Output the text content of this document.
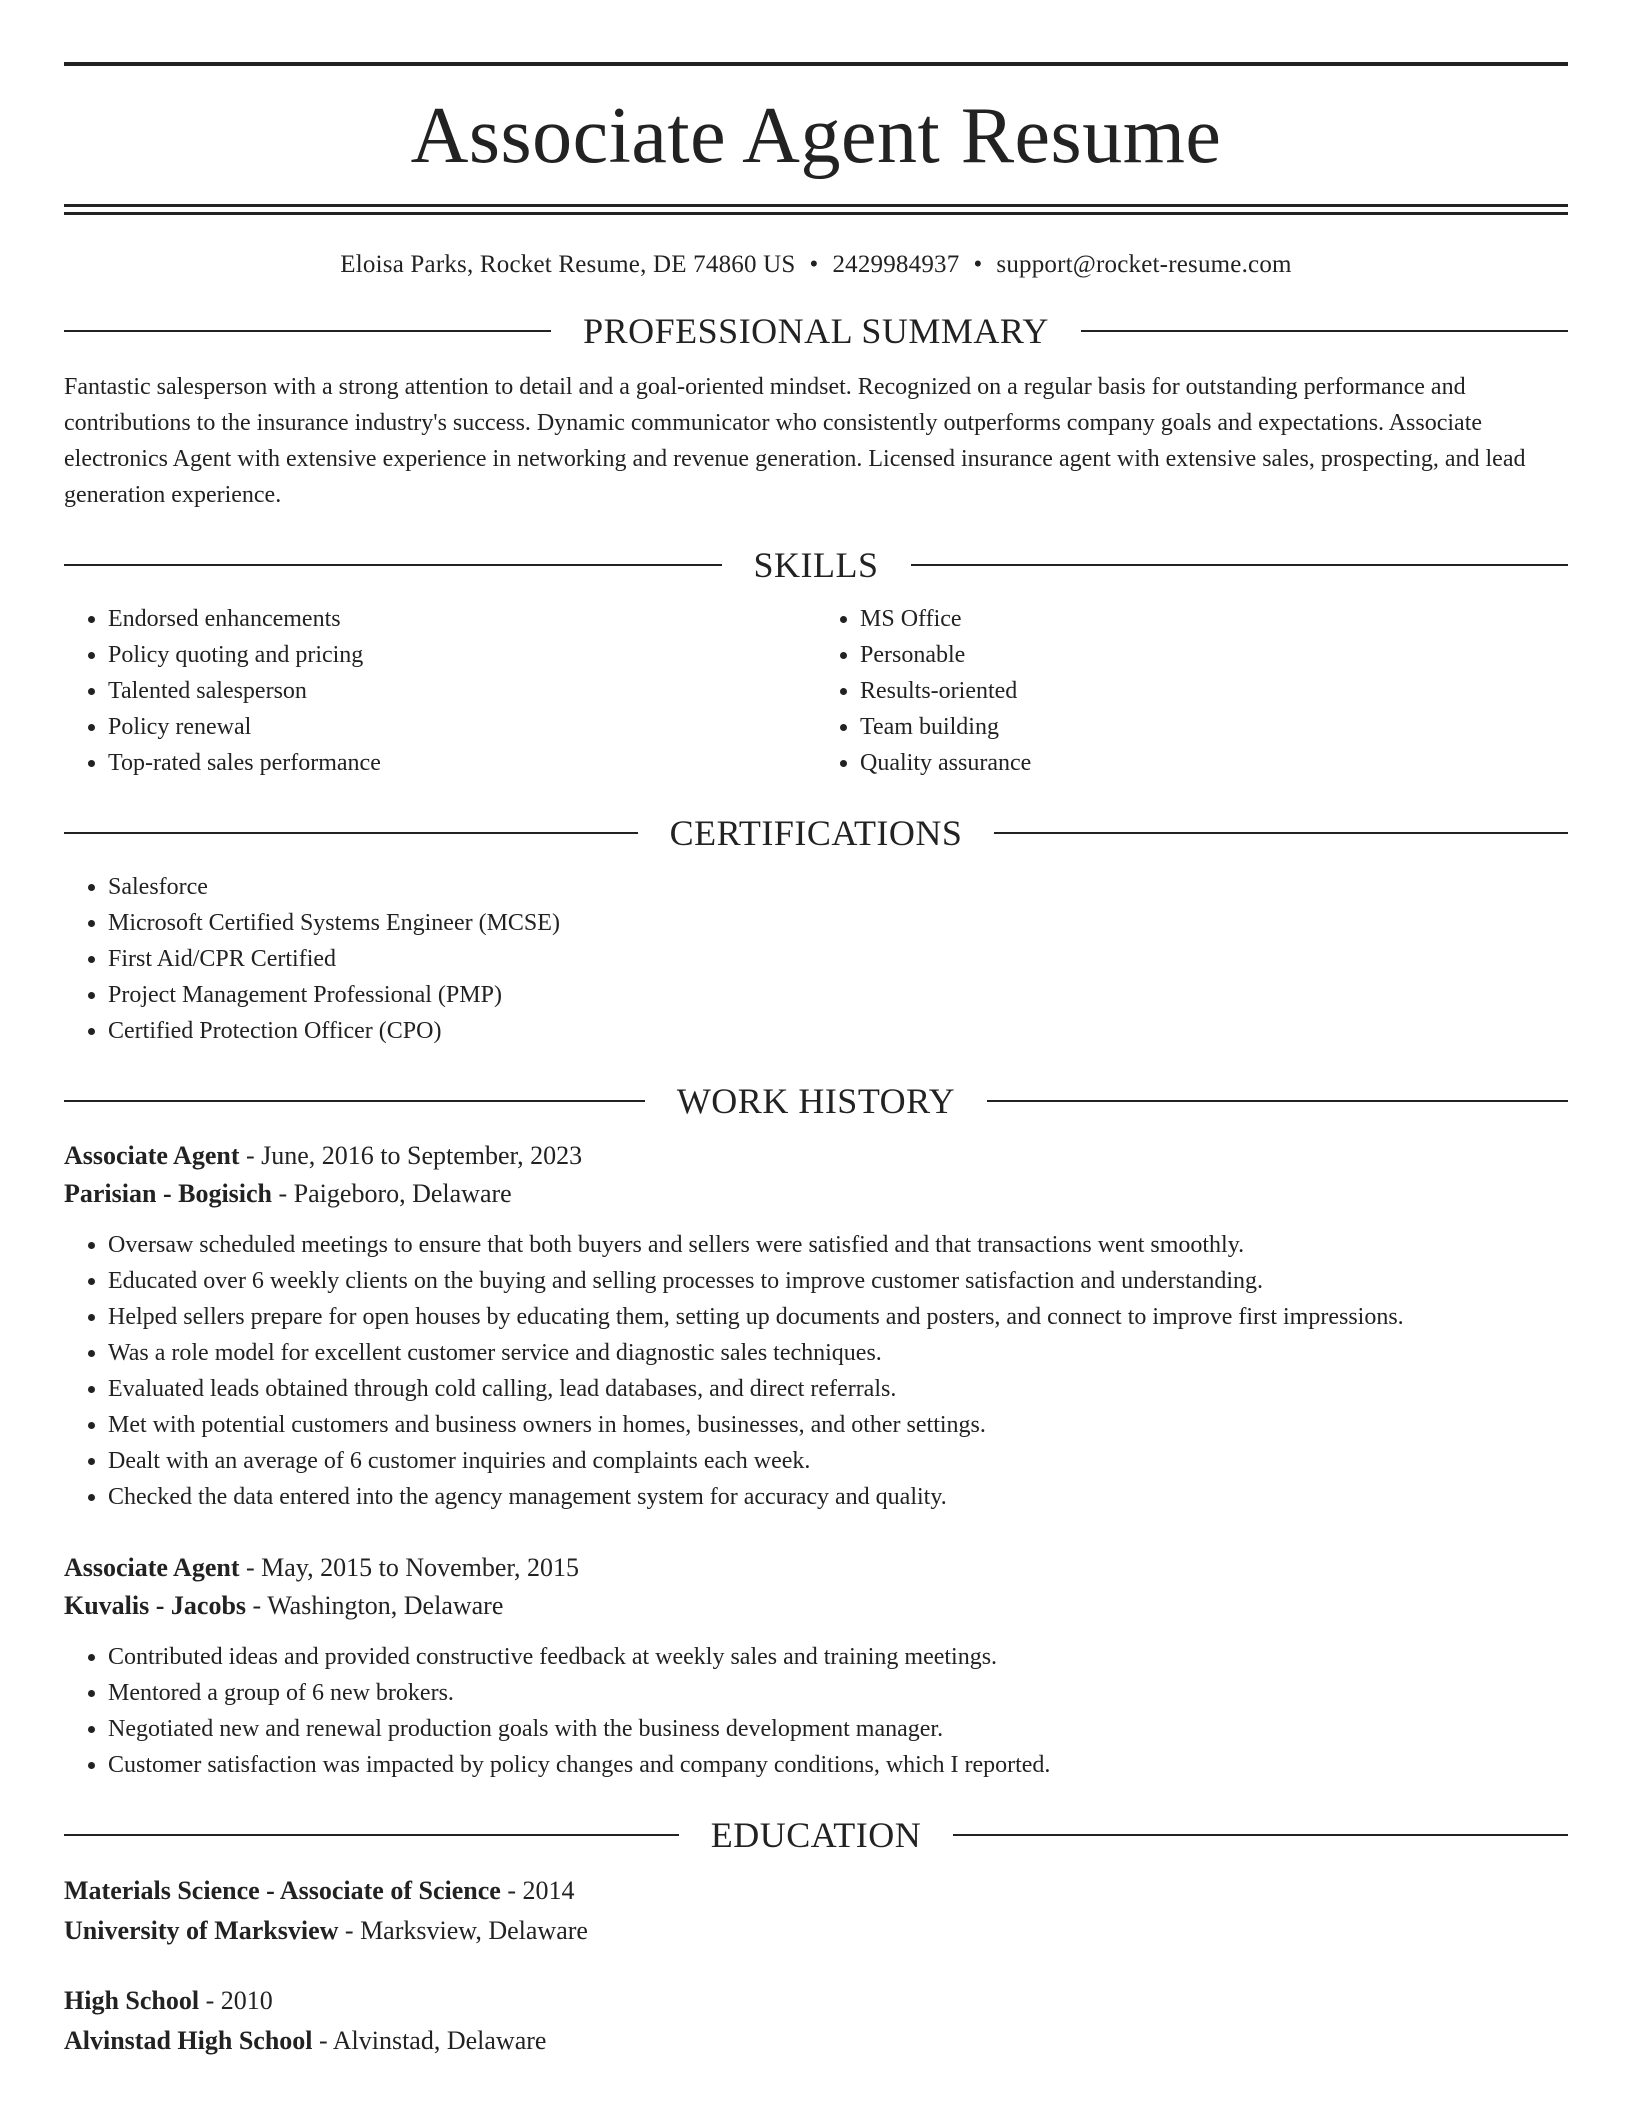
Associate Agent Resume
Eloisa Parks, Rocket Resume, DE 74860 US • 2429984937 • support@rocket-resume.com
PROFESSIONAL SUMMARY

Fantastic salesperson with a strong attention to detail and a goal-oriented mindset. Recognized on a regular basis for outstanding performance and contributions to the insurance industry's success. Dynamic communicator who consistently outperforms company goals and expectations. Associate electronics Agent with extensive experience in networking and revenue generation. Licensed insurance agent with extensive sales, prospecting, and lead generation experience.

SKILLS
• Endorsed enhancements
• Policy quoting and pricing
• Talented salesperson
• Policy renewal
• Top-rated sales performance
• MS Office
• Personable
• Results-oriented
• Team building
• Quality assurance
CERTIFICATIONS
• Salesforce
• Microsoft Certified Systems Engineer (MCSE)
• First Aid/CPR Certified
• Project Management Professional (PMP)
• Certified Protection Officer (CPO)
WORK HISTORY
Associate Agent - June, 2016 to September, 2023
Parisian - Bogisich - Paigeboro, Delaware
• Oversaw scheduled meetings to ensure that both buyers and sellers were satisfied and that transactions went smoothly.
• Educated over 6 weekly clients on the buying and selling processes to improve customer satisfaction and understanding.
• Helped sellers prepare for open houses by educating them, setting up documents and posters, and connect to improve first impressions.
• Was a role model for excellent customer service and diagnostic sales techniques.
• Evaluated leads obtained through cold calling, lead databases, and direct referrals.
• Met with potential customers and business owners in homes, businesses, and other settings.
• Dealt with an average of 6 customer inquiries and complaints each week.
• Checked the data entered into the agency management system for accuracy and quality.
Associate Agent - May, 2015 to November, 2015
Kuvalis - Jacobs - Washington, Delaware
• Contributed ideas and provided constructive feedback at weekly sales and training meetings.
• Mentored a group of 6 new brokers.
• Negotiated new and renewal production goals with the business development manager.
• Customer satisfaction was impacted by policy changes and company conditions, which I reported.
EDUCATION
Materials Science - Associate of Science - 2014
University of Marksview - Marksview, Delaware
High School - 2010
Alvinstad High School - Alvinstad, Delaware
